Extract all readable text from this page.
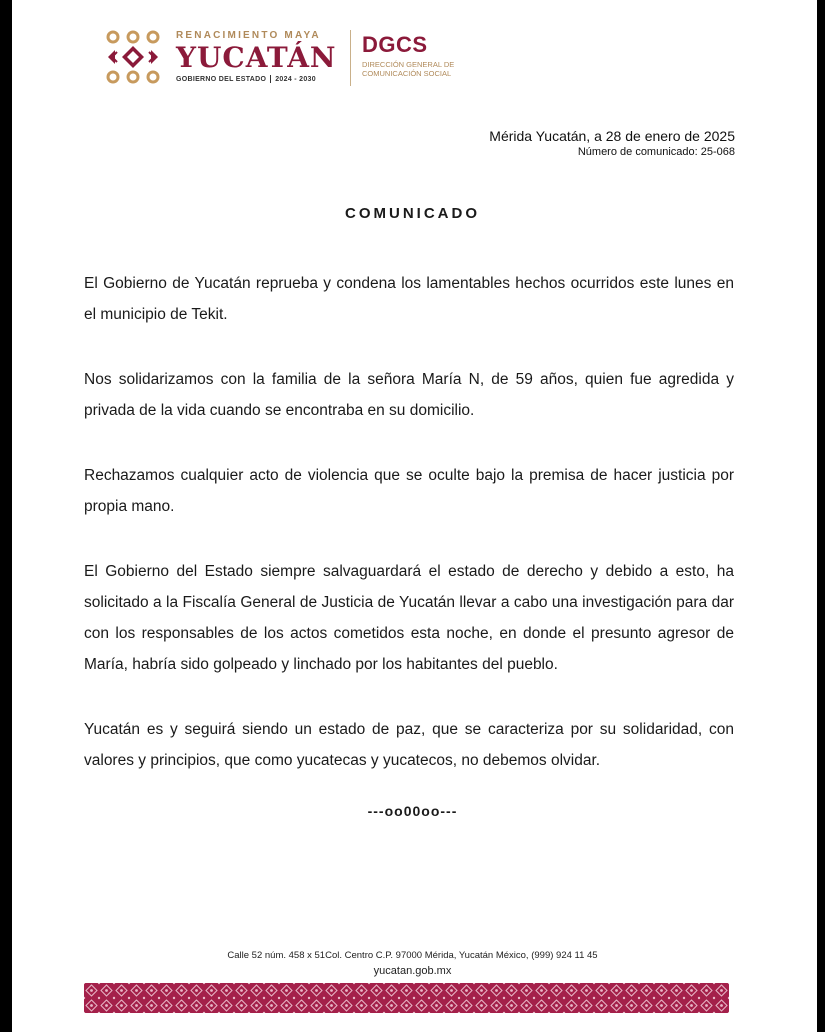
RENACIMIENTO MAYA
YUCATÁN
GOBIERNO DEL ESTADO 2024 - 2030
DGCS
DIRECCIÓN GENERAL DE
COMUNICACIÓN SOCIAL
Mérida Yucatán, a 28 de enero de 2025
Número de comunicado: 25-068
COMUNICADO

El Gobierno de Yucatán reprueba y condena los lamentables hechos ocurridos este lunes en el municipio de Tekit.

Nos solidarizamos con la familia de la señora María N, de 59 años, quien fue agredida y privada de la vida cuando se encontraba en su domicilio.

Rechazamos cualquier acto de violencia que se oculte bajo la premisa de hacer justicia por propia mano.

El Gobierno del Estado siempre salvaguardará el estado de derecho y debido a esto, ha solicitado a la Fiscalía General de Justicia de Yucatán llevar a cabo una investigación para dar con los responsables de los actos cometidos esta noche, en donde el presunto agresor de María, habría sido golpeado y linchado por los habitantes del pueblo.

Yucatán es y seguirá siendo un estado de paz, que se caracteriza por su solidaridad, con valores y principios, que como yucatecas y yucatecos, no debemos olvidar.

---oo00oo---
Calle 52 núm. 458 x 51Col. Centro C.P. 97000 Mérida, Yucatán México, (999) 924 11 45
yucatan.gob.mx
